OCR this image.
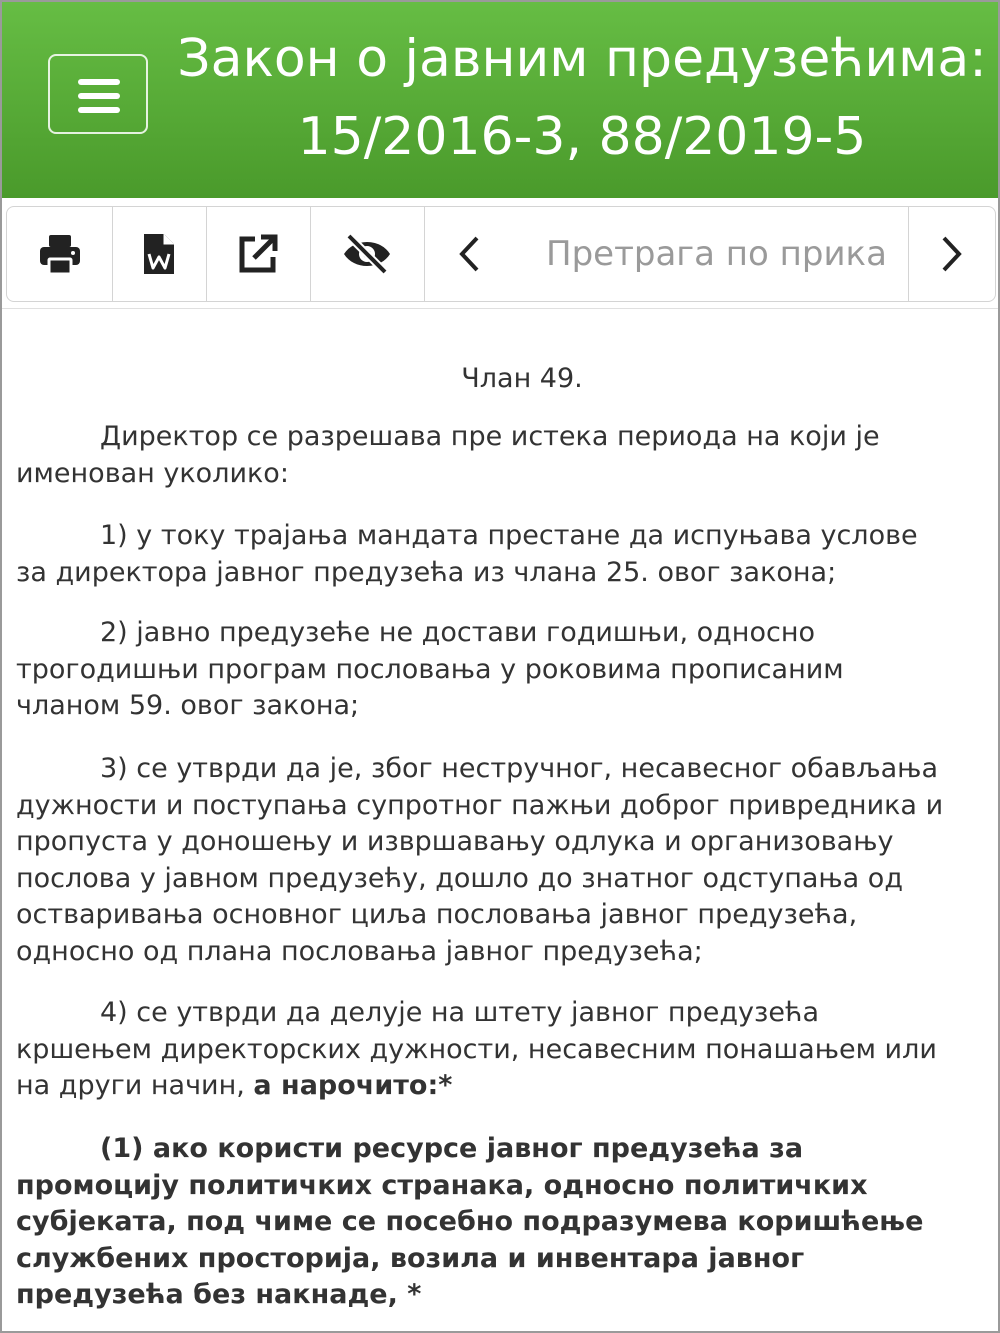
Закон о јавним предузећима:
15/2016-3, 88/2019-5
Претрага по прика
Члан 49.

Директор се разрешава пре истека периода на који је именован уколико:

1) у току трајања мандата престане да испуњава услове за директора јавног предузећа из члана 25. овог закона;

2) јавно предузеће не достави годишњи, односно трогодишњи програм пословања у роковима прописаним чланом 59. овог закона;

3) се утврди да је, због нестручног, несавесног обављања дужности и поступања супротног пажњи доброг привредника и пропуста у доношењу и извршавању одлука и организовању послова у јавном предузећу, дошло до знатног одступања од остваривања основног циља пословања јавног предузећа, односно од плана пословања јавног предузећа;

4) се утврди да делује на штету јавног предузећа кршењем директорских дужности, несавесним понашањем или на други начин, а нарочито:*

(1) ако користи ресурсе јавног предузећа за промоцију политичких странака, односно политичких субјеката, под чиме се посебно подразумева коришћење службених просторија, возила и инвентара јавног предузећа без накнаде, *
